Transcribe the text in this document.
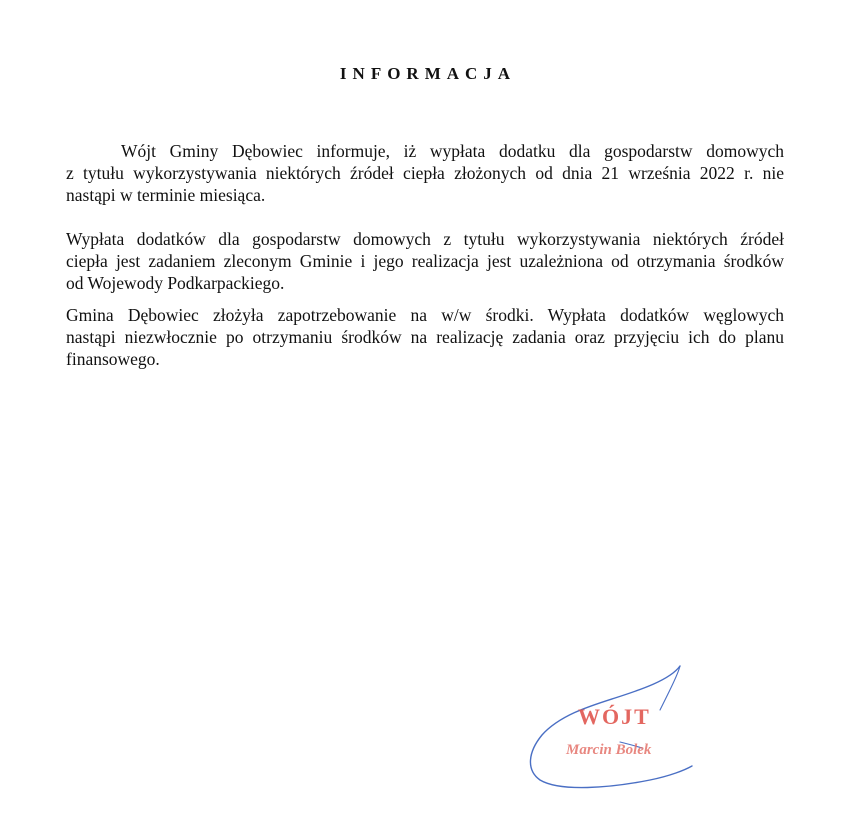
INFORMACJA
Wójt Gminy Dębowiec informuje, iż wypłata dodatku dla gospodarstw domowych
z tytułu wykorzystywania niektórych źródeł ciepła złożonych od dnia 21 września 2022 r. nie
nastąpi w terminie miesiąca.
Wypłata dodatków dla gospodarstw domowych z tytułu wykorzystywania niektórych źródeł
ciepła jest zadaniem zleconym Gminie i jego realizacja jest uzależniona od otrzymania środków
od Wojewody Podkarpackiego.
Gmina Dębowiec złożyła zapotrzebowanie na w/w środki. Wypłata dodatków węglowych
nastąpi niezwłocznie po otrzymaniu środków na realizację zadania oraz przyjęciu ich do planu
finansowego.
WÓJT
Marcin Bolek
